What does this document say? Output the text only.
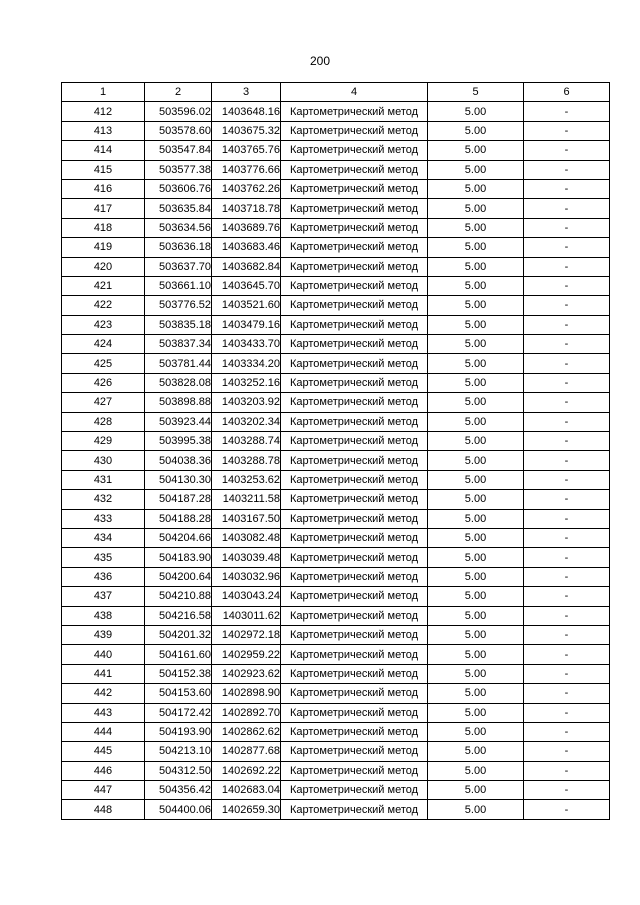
200
1	2	3	4	5	6
412	503596.02	1403648.16	Картометрический метод	5.00	-
413	503578.60	1403675.32	Картометрический метод	5.00	-
414	503547.84	1403765.76	Картометрический метод	5.00	-
415	503577.38	1403776.66	Картометрический метод	5.00	-
416	503606.76	1403762.26	Картометрический метод	5.00	-
417	503635.84	1403718.78	Картометрический метод	5.00	-
418	503634.56	1403689.76	Картометрический метод	5.00	-
419	503636.18	1403683.46	Картометрический метод	5.00	-
420	503637.70	1403682.84	Картометрический метод	5.00	-
421	503661.10	1403645.70	Картометрический метод	5.00	-
422	503776.52	1403521.60	Картометрический метод	5.00	-
423	503835.18	1403479.16	Картометрический метод	5.00	-
424	503837.34	1403433.70	Картометрический метод	5.00	-
425	503781.44	1403334.20	Картометрический метод	5.00	-
426	503828.08	1403252.16	Картометрический метод	5.00	-
427	503898.88	1403203.92	Картометрический метод	5.00	-
428	503923.44	1403202.34	Картометрический метод	5.00	-
429	503995.38	1403288.74	Картометрический метод	5.00	-
430	504038.36	1403288.78	Картометрический метод	5.00	-
431	504130.30	1403253.62	Картометрический метод	5.00	-
432	504187.28	1403211.58	Картометрический метод	5.00	-
433	504188.28	1403167.50	Картометрический метод	5.00	-
434	504204.66	1403082.48	Картометрический метод	5.00	-
435	504183.90	1403039.48	Картометрический метод	5.00	-
436	504200.64	1403032.96	Картометрический метод	5.00	-
437	504210.88	1403043.24	Картометрический метод	5.00	-
438	504216.58	1403011.62	Картометрический метод	5.00	-
439	504201.32	1402972.18	Картометрический метод	5.00	-
440	504161.60	1402959.22	Картометрический метод	5.00	-
441	504152.38	1402923.62	Картометрический метод	5.00	-
442	504153.60	1402898.90	Картометрический метод	5.00	-
443	504172.42	1402892.70	Картометрический метод	5.00	-
444	504193.90	1402862.62	Картометрический метод	5.00	-
445	504213.10	1402877.68	Картометрический метод	5.00	-
446	504312.50	1402692.22	Картометрический метод	5.00	-
447	504356.42	1402683.04	Картометрический метод	5.00	-
448	504400.06	1402659.30	Картометрический метод	5.00	-
